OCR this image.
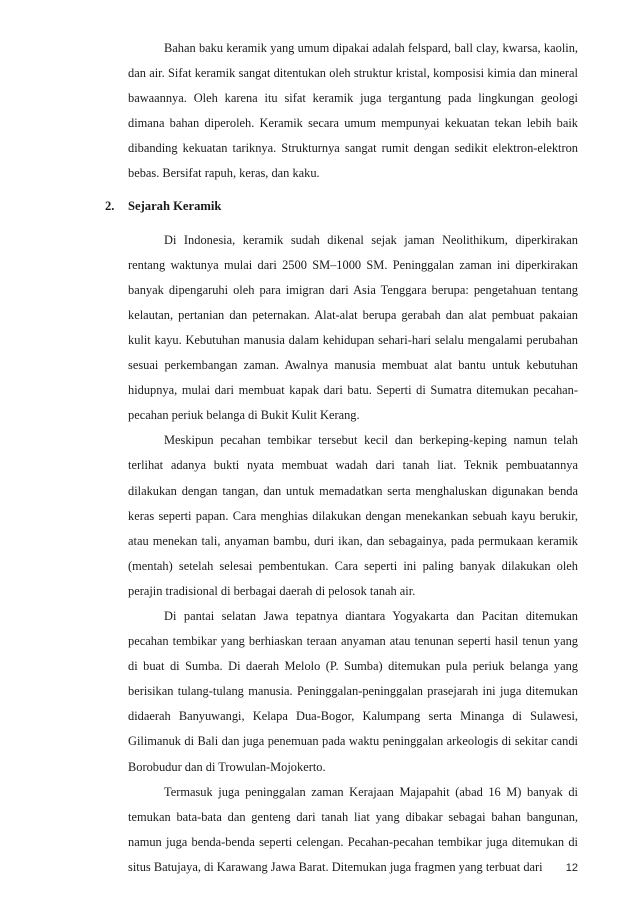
Bahan baku keramik yang umum dipakai adalah felspard, ball clay, kwarsa, kaolin, dan air. Sifat keramik sangat ditentukan oleh struktur kristal, komposisi kimia dan mineral bawaannya. Oleh karena itu sifat keramik juga tergantung pada lingkungan geologi dimana bahan diperoleh. Keramik secara umum mempunyai kekuatan tekan lebih baik dibanding kekuatan tariknya. Strukturnya sangat rumit dengan sedikit elektron-elektron bebas. Bersifat rapuh, keras, dan kaku.

2. Sejarah Keramik

Di Indonesia, keramik sudah dikenal sejak jaman Neolithikum, diperkirakan rentang waktunya mulai dari 2500 SM–1000 SM. Peninggalan zaman ini diperkirakan banyak dipengaruhi oleh para imigran dari Asia Tenggara berupa: pengetahuan tentang kelautan, pertanian dan peternakan. Alat-alat berupa gerabah dan alat pembuat pakaian kulit kayu. Kebutuhan manusia dalam kehidupan sehari-hari selalu mengalami perubahan sesuai perkembangan zaman. Awalnya manusia membuat alat bantu untuk kebutuhan hidupnya, mulai dari membuat kapak dari batu. Seperti di Sumatra ditemukan pecahan-pecahan periuk belanga di Bukit Kulit Kerang.

Meskipun pecahan tembikar tersebut kecil dan berkeping-keping namun telah terlihat adanya bukti nyata membuat wadah dari tanah liat. Teknik pembuatannya dilakukan dengan tangan, dan untuk memadatkan serta menghaluskan digunakan benda keras seperti papan. Cara menghias dilakukan dengan menekankan sebuah kayu berukir, atau menekan tali, anyaman bambu, duri ikan, dan sebagainya, pada permukaan keramik (mentah) setelah selesai pembentukan. Cara seperti ini paling banyak dilakukan oleh perajin tradisional di berbagai daerah di pelosok tanah air.

Di pantai selatan Jawa tepatnya diantara Yogyakarta dan Pacitan ditemukan pecahan tembikar yang berhiaskan teraan anyaman atau tenunan seperti hasil tenun yang di buat di Sumba. Di daerah Melolo (P. Sumba) ditemukan pula periuk belanga yang berisikan tulang-tulang manusia. Peninggalan-peninggalan prasejarah ini juga ditemukan didaerah Banyuwangi, Kelapa Dua-Bogor, Kalumpang serta Minanga di Sulawesi, Gilimanuk di Bali dan juga penemuan pada waktu peninggalan arkeologis di sekitar candi Borobudur dan di Trowulan-Mojokerto.

Termasuk juga peninggalan zaman Kerajaan Majapahit (abad 16 M) banyak di temukan bata-bata dan genteng dari tanah liat yang dibakar sebagai bahan bangunan, namun juga benda-benda seperti celengan. Pecahan-pecahan tembikar juga ditemukan di situs Batujaya, di Karawang Jawa Barat. Ditemukan juga fragmen yang terbuat dari	12
